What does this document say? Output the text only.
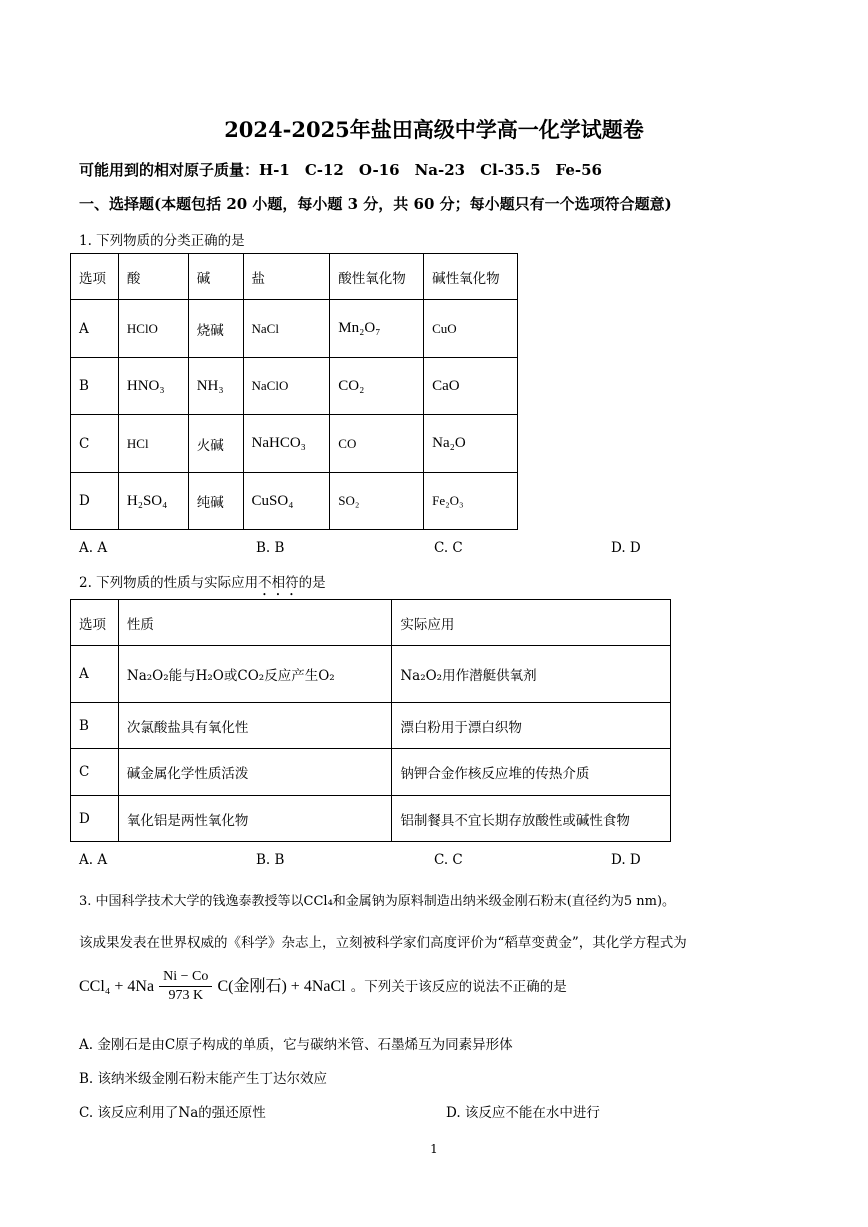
2024-2025年盐田高级中学高一化学试题卷
可能用到的相对原子质量：H-1　C-12　O-16　Na-23　Cl-35.5　Fe-56
一、选择题(本题包括 20 小题，每小题 3 分，共 60 分；每小题只有一个选项符合题意)
1. 下列物质的分类正确的是
选项	酸	碱	盐	酸性氧化物	碱性氧化物
A	HClO	烧碱	NaCl	Mn₂O₇	CuO
B	HNO₃	NH₃	NaClO	CO₂	CaO
C	HCl	火碱	NaHCO₃	CO	Na₂O
D	H₂SO₄	纯碱	CuSO₄	SO₂	Fe₂O₃
A. A	B. B	C. C	D. D
2. 下列物质的性质与实际应用不相符的是
选项	性质	实际应用
A	Na₂O₂能与H₂O或CO₂反应产生O₂	Na₂O₂用作潜艇供氧剂
B	次氯酸盐具有氧化性	漂白粉用于漂白织物
C	碱金属化学性质活泼	钠钾合金作核反应堆的传热介质
D	氧化铝是两性氧化物	铝制餐具不宜长期存放酸性或碱性食物
A. A	B. B	C. C	D. D
3. 中国科学技术大学的钱逸泰教授等以CCl₄和金属钠为原料制造出纳米级金刚石粉末(直径约为5 nm)。
该成果发表在世界权威的《科学》杂志上，立刻被科学家们高度评价为“稻草变黄金”，其化学方程式为
$CCl_4 + 4Na \frac{Ni - Co}{973 K} C$(金刚石) + 4NaCl 。下列关于该反应的说法不正确的是
A. 金刚石是由C原子构成的单质，它与碳纳米管、石墨烯互为同素异形体
B. 该纳米级金刚石粉末能产生丁达尔效应
C. 该反应利用了Na的强还原性	D. 该反应不能在水中进行
1
